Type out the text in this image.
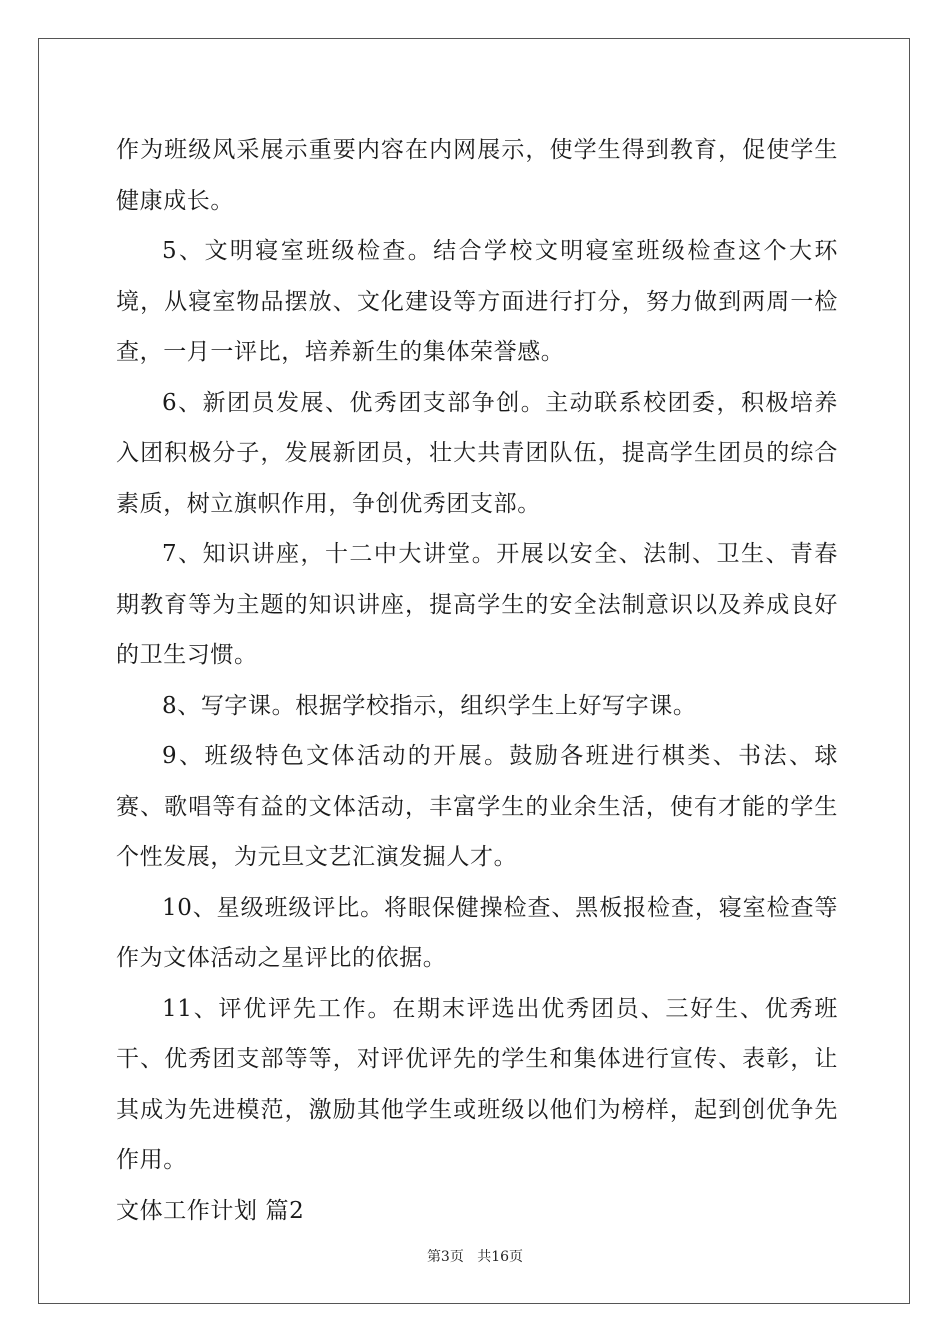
作为班级风采展示重要内容在内网展示，使学生得到教育，促使学生健康成长。

5、文明寝室班级检查。结合学校文明寝室班级检查这个大环境，从寝室物品摆放、文化建设等方面进行打分，努力做到两周一检查，一月一评比，培养新生的集体荣誉感。

6、新团员发展、优秀团支部争创。主动联系校团委，积极培养入团积极分子，发展新团员，壮大共青团队伍，提高学生团员的综合素质，树立旗帜作用，争创优秀团支部。

7、知识讲座，十二中大讲堂。开展以安全、法制、卫生、青春期教育等为主题的知识讲座，提高学生的安全法制意识以及养成良好的卫生习惯。

8、写字课。根据学校指示，组织学生上好写字课。

9、班级特色文体活动的开展。鼓励各班进行棋类、书法、球赛、歌唱等有益的文体活动，丰富学生的业余生活，使有才能的学生个性发展，为元旦文艺汇演发掘人才。

10、星级班级评比。将眼保健操检查、黑板报检查，寝室检查等作为文体活动之星评比的依据。

11、评优评先工作。在期末评选出优秀团员、三好生、优秀班干、优秀团支部等等，对评优评先的学生和集体进行宣传、表彰，让其成为先进模范，激励其他学生或班级以他们为榜样，起到创优争先作用。

文体工作计划 篇2

第3页 共16页
